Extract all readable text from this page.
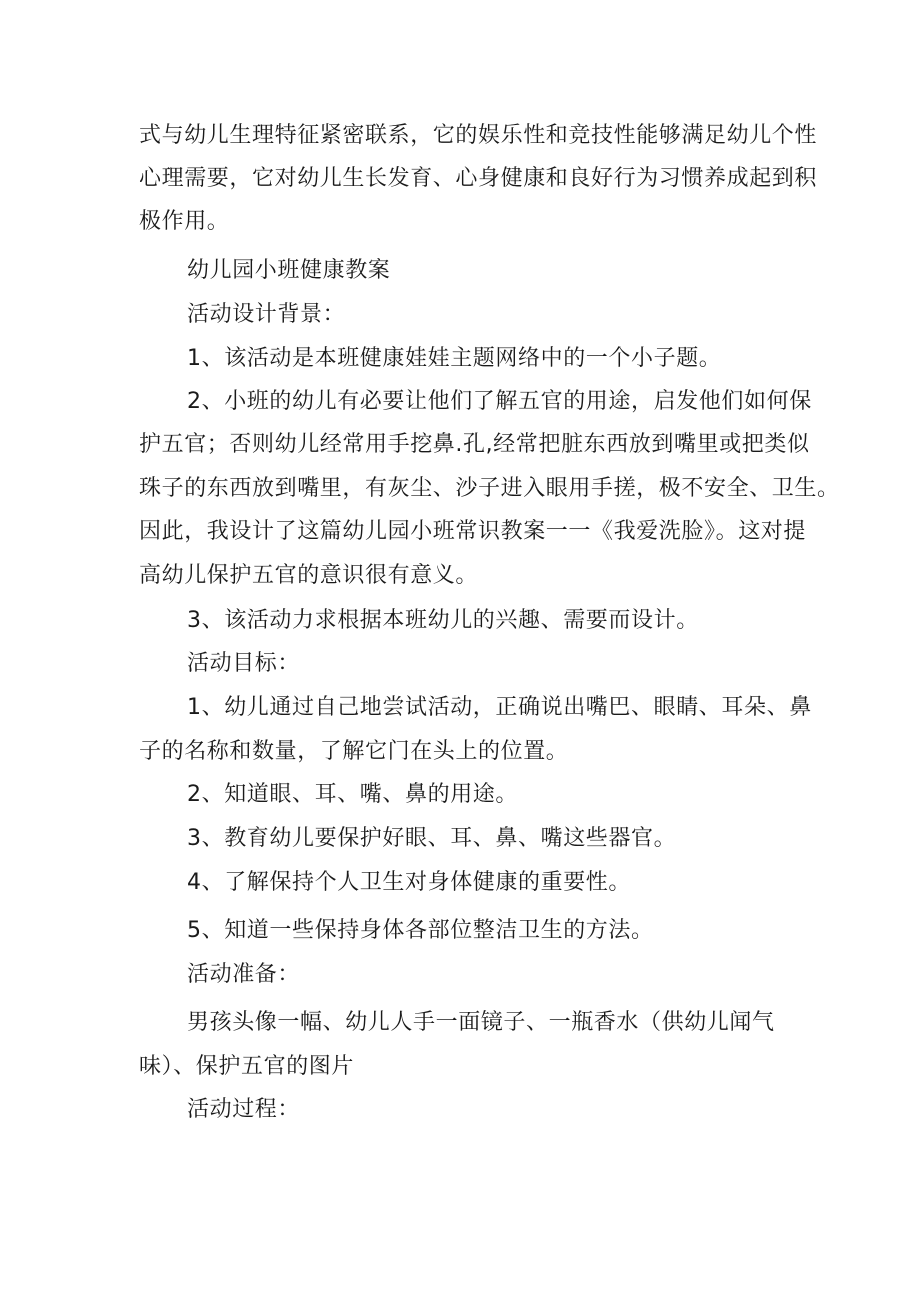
式与幼儿生理特征紧密联系，它的娱乐性和竞技性能够满足幼儿个性
心理需要，它对幼儿生长发育、心身健康和良好行为习惯养成起到积
极作用。
幼儿园小班健康教案
活动设计背景：
1、该活动是本班健康娃娃主题网络中的一个小子题。
2、小班的幼儿有必要让他们了解五官的用途，启发他们如何保
护五官；否则幼儿经常用手挖鼻.孔,经常把脏东西放到嘴里或把类似
珠子的东西放到嘴里，有灰尘、沙子进入眼用手搓，极不安全、卫生。
因此，我设计了这篇幼儿园小班常识教案一一《我爱洗脸》。这对提
高幼儿保护五官的意识很有意义。
3、该活动力求根据本班幼儿的兴趣、需要而设计。
活动目标：
1、幼儿通过自己地尝试活动，正确说出嘴巴、眼睛、耳朵、鼻
子的名称和数量，了解它门在头上的位置。
2、知道眼、耳、嘴、鼻的用途。
3、教育幼儿要保护好眼、耳、鼻、嘴这些器官。
4、了解保持个人卫生对身体健康的重要性。
5、知道一些保持身体各部位整洁卫生的方法。
活动准备：
男孩头像一幅、幼儿人手一面镜子、一瓶香水（供幼儿闻气
味）、保护五官的图片
活动过程：
